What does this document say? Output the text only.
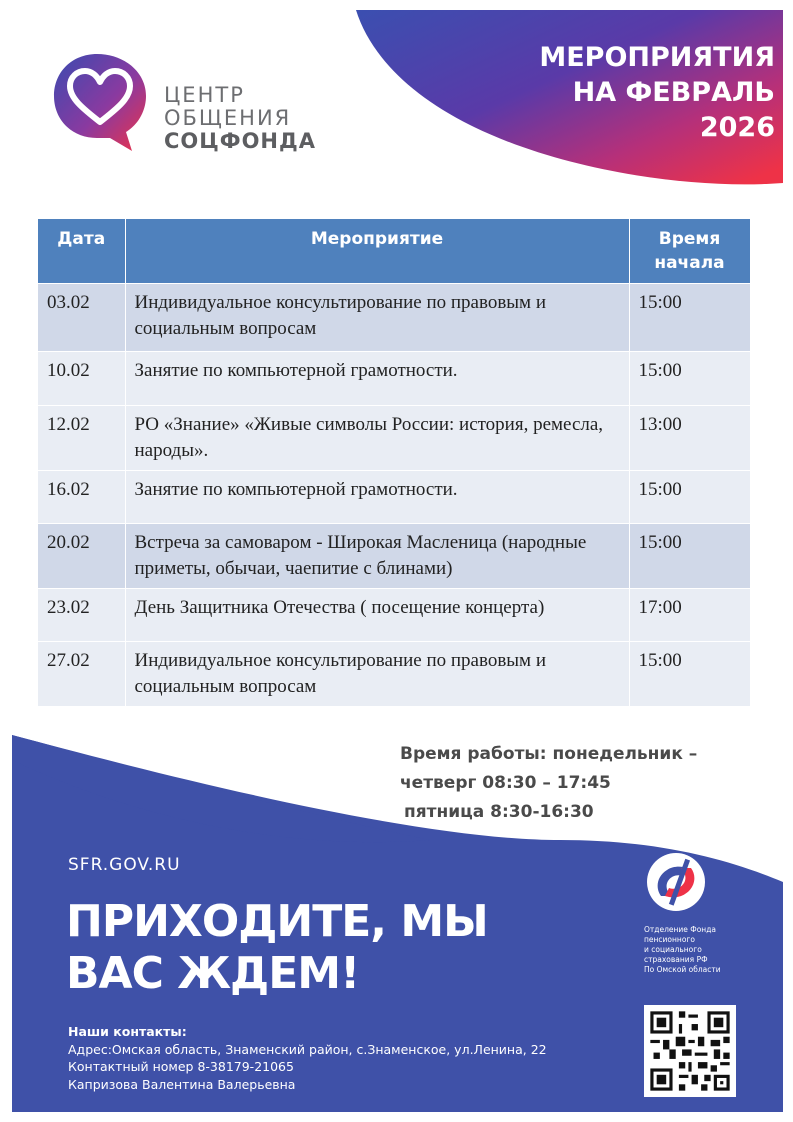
ЦЕНТР
ОБЩЕНИЯ
СОЦФОНДА
МЕРОПРИЯТИЯ
НА ФЕВРАЛЬ
2026
Дата	Мероприятие	Время начала
03.02	Индивидуальное консультирование по правовым и социальным вопросам	15:00
10.02	Занятие по компьютерной грамотности.	15:00
12.02	РО «Знание» «Живые символы России: история, ремесла, народы».	13:00
16.02	Занятие по компьютерной грамотности.	15:00
20.02	Встреча за самоваром - Широкая Масленица (народные приметы, обычаи, чаепитие с блинами)	15:00
23.02	День Защитника Отечества ( посещение концерта)	17:00
27.02	Индивидуальное консультирование по правовым и социальным вопросам	15:00
Время работы: понедельник –
четверг 08:30 – 17:45
пятница 8:30-16:30
SFR.GOV.RU
ПРИХОДИТЕ, МЫ
ВАС ЖДЕМ!
Наши контакты:
Адрес:Омская область, Знаменский район, с.Знаменское, ул.Ленина, 22
Контактный номер 8-38179-21065
Капризова Валентина Валерьевна
Отделение Фонда
пенсионного
и социального
страхования РФ
По Омской области
